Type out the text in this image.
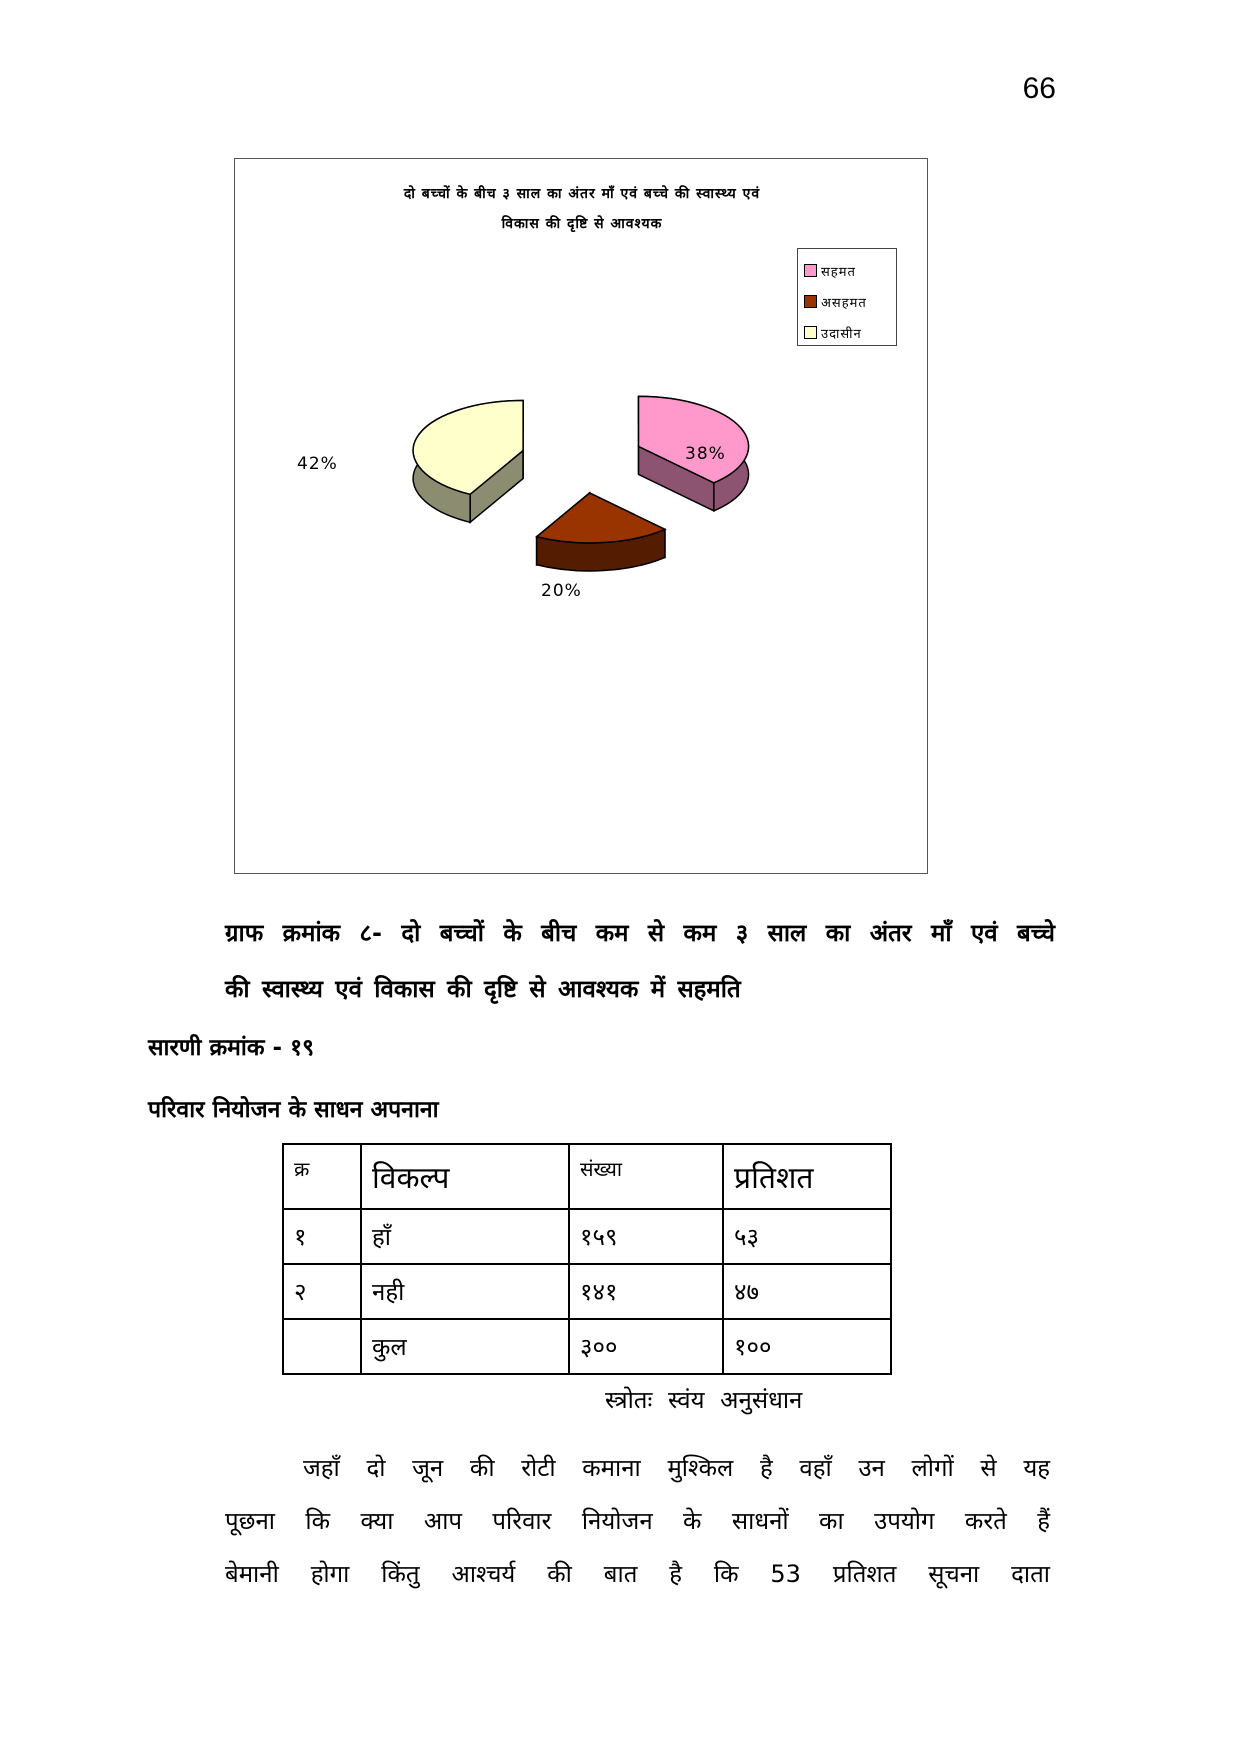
66
दो बच्चों के बीच ३ साल का अंतर माँ एवं बच्चे की स्वास्थ्य एवं
विकास की दृष्टि से आवश्यक
38%
20%
42%
सहमत
असहमत
उदासीन
ग्राफ क्रमांक ८- दो बच्चों के बीच कम से कम ३ साल का अंतर माँ एवं बच्चे
की स्वास्थ्य एवं विकास की दृष्टि से आवश्यक में सहमति
सारणी क्रमांक - १९
परिवार नियोजन के साधन अपनाना
क्र	विकल्प	संख्या	प्रतिशत
१	हाँ	१५९	५३
२	नही	१४१	४७
	कुल	३००	१००
स्त्रोतः स्वंय अनुसंधान
जहाँ दो जून की रोटी कमाना मुश्किल है वहाँ उन लोगों से यह
पूछना कि क्या आप परिवार नियोजन के साधनों का उपयोग करते हैं
बेमानी होगा किंतु आश्चर्य की बात है कि 53 प्रतिशत सूचना दाता
